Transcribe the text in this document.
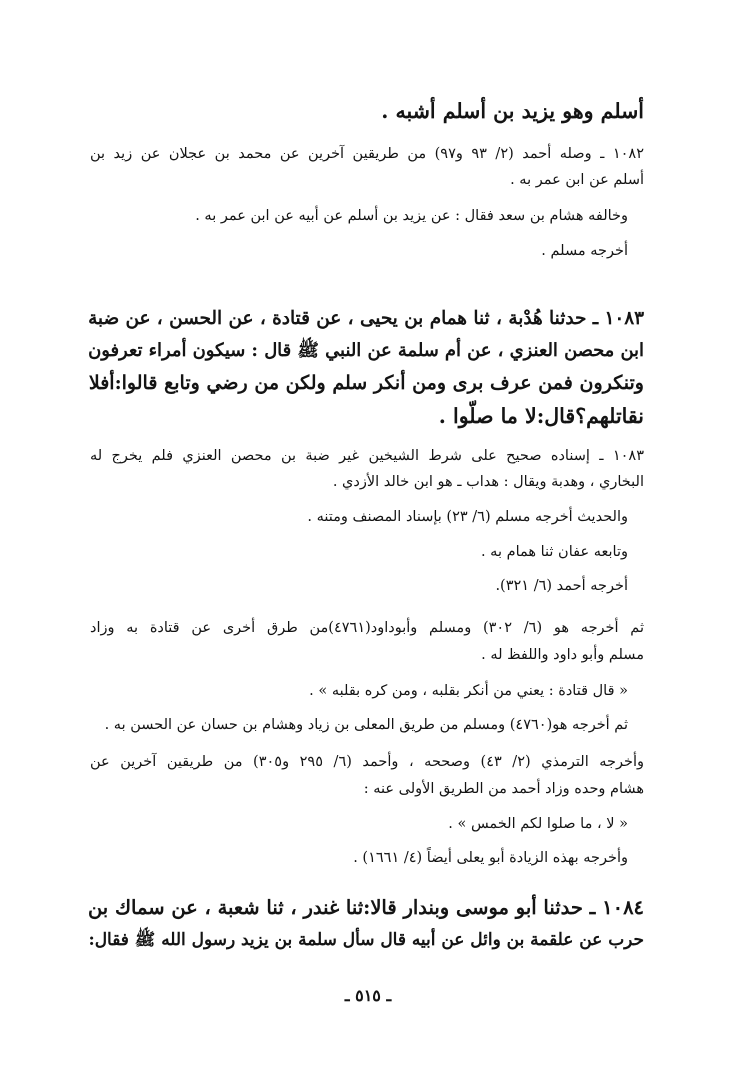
أسلم وهو يزيد بن أسلم أشبه .
١٠٨٢ ـ وصله أحمد (٢/ ٩٣ و٩٧) من طريقين آخرين عن محمد بن عجلان عن زيد بن
أسلم عن ابن عمر به .
وخالفه هشام بن سعد فقال : عن يزيد بن أسلم عن أبيه عن ابن عمر به .
أخرجه مسلم .
١٠٨٣ ـ حدثنا هُدْبة ، ثنا همام بن يحيى ، عن قتادة ، عن الحسن ، عن ضبة
ابن محصن العنزي ، عن أم سلمة عن النبي ﷺ قال : سيكون أمراء تعرفون
وتنكرون فمن عرف برى ومن أنكر سلم ولكن من رضي وتابع قالوا:أفلا
نقاتلهم؟قال:لا ما صلّوا .
١٠٨٣ ـ إسناده صحيح على شرط الشيخين غير ضبة بن محصن العنزي فلم يخرج له
البخاري ، وهدبة ويقال : هداب ـ هو ابن خالد الأزدي .
والحديث أخرجه مسلم (٦/ ٢٣) بإسناد المصنف ومتنه .
وتابعه عفان ثنا همام به .
أخرجه أحمد (٦/ ٣٢١).
ثم أخرجه هو (٦/ ٣٠٢) ومسلم وأبوداود(٤٧٦١)من طرق أخرى عن قتادة به وزاد
مسلم وأبو داود واللفظ له .
« قال قتادة : يعني من أنكر بقلبه ، ومن كره بقلبه » .
ثم أخرجه هو(٤٧٦٠) ومسلم من طريق المعلى بن زياد وهشام بن حسان عن الحسن به .
وأخرجه الترمذي (٢/ ٤٣) وصححه ، وأحمد (٦/ ٢٩٥ و٣٠٥) من طريقين آخرين عن
هشام وحده وزاد أحمد من الطريق الأولى عنه :
« لا ، ما صلوا لكم الخمس » .
وأخرجه بهذه الزيادة أبو يعلى أيضاً (٤/ ١٦٦١) .
١٠٨٤ ـ حدثنا أبو موسى وبندار قالا:ثنا غندر ، ثنا شعبة ، عن سماك بن
حرب عن علقمة بن وائل عن أبيه قال سأل سلمة بن يزيد رسول الله ﷺ فقال:
ـ ٥١٥ ـ
